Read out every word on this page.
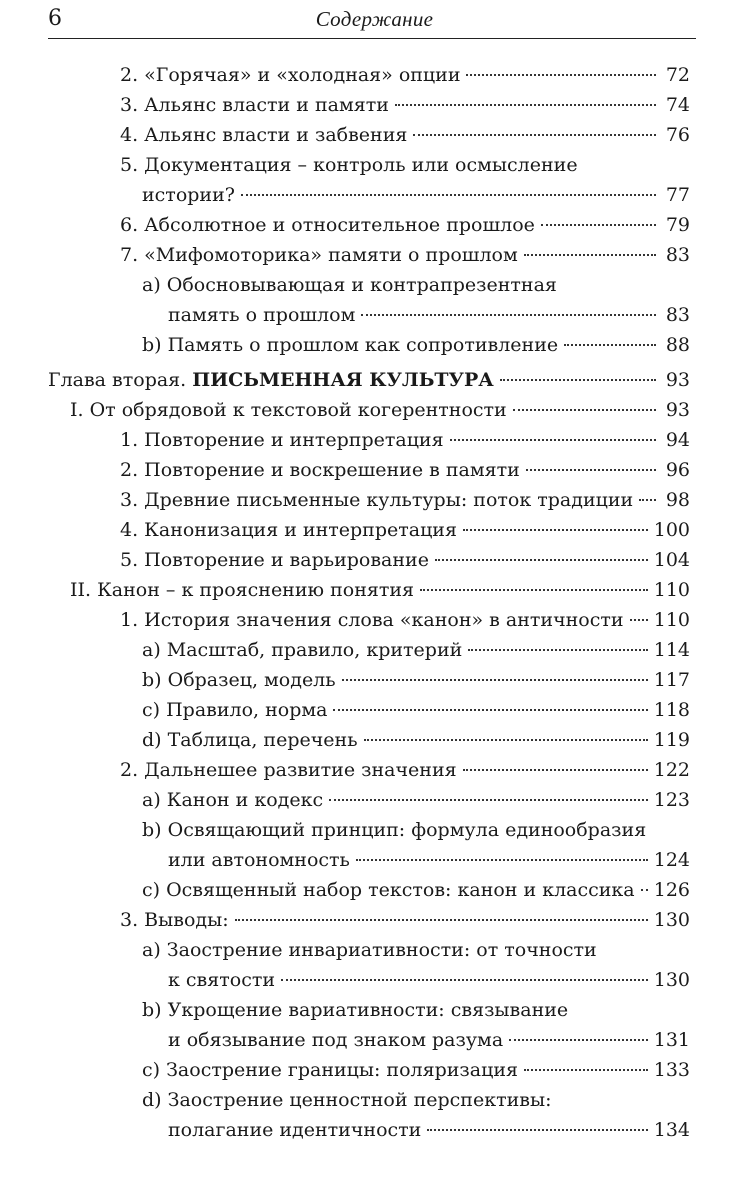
6	Содержание
2. «Горячая» и «холодная» опции	72
3. Альянс власти и памяти	74
4. Альянс власти и забвения	76
5. Документация – контроль или осмысление
истории?	77
6. Абсолютное и относительное прошлое	79
7. «Мифомоторика» памяти о прошлом	83
a) Обосновывающая и контрапрезентная
память о прошлом	83
b) Память о прошлом как сопротивление	88
Глава вторая. ПИСЬМЕННАЯ КУЛЬТУРА	93
I. От обрядовой к текстовой когерентности	93
1. Повторение и интерпретация	94
2. Повторение и воскрешение в памяти	96
3. Древние письменные культуры: поток традиции 98
4. Канонизация и интерпретация	100
5. Повторение и варьирование	104
II. Канон – к прояснению понятия	110
1. История значения слова «канон» в античности 110
a) Масштаб, правило, критерий	114
b) Образец, модель	117
c) Правило, норма	118
d) Таблица, перечень	119
2. Дальнешее развитие значения	122
a) Канон и кодекс	123
b) Освящающий принцип: формула единообразия
или автономность	124
c) Освященный набор текстов: канон и классика 126
3. Выводы:	130
a) Заострение инвариативности: от точности
к святости	130
b) Укрощение вариативности: связывание
и обязывание под знаком разума	131
c) Заострение границы: поляризация	133
d) Заострение ценностной перспективы:
полагание идентичности	134
